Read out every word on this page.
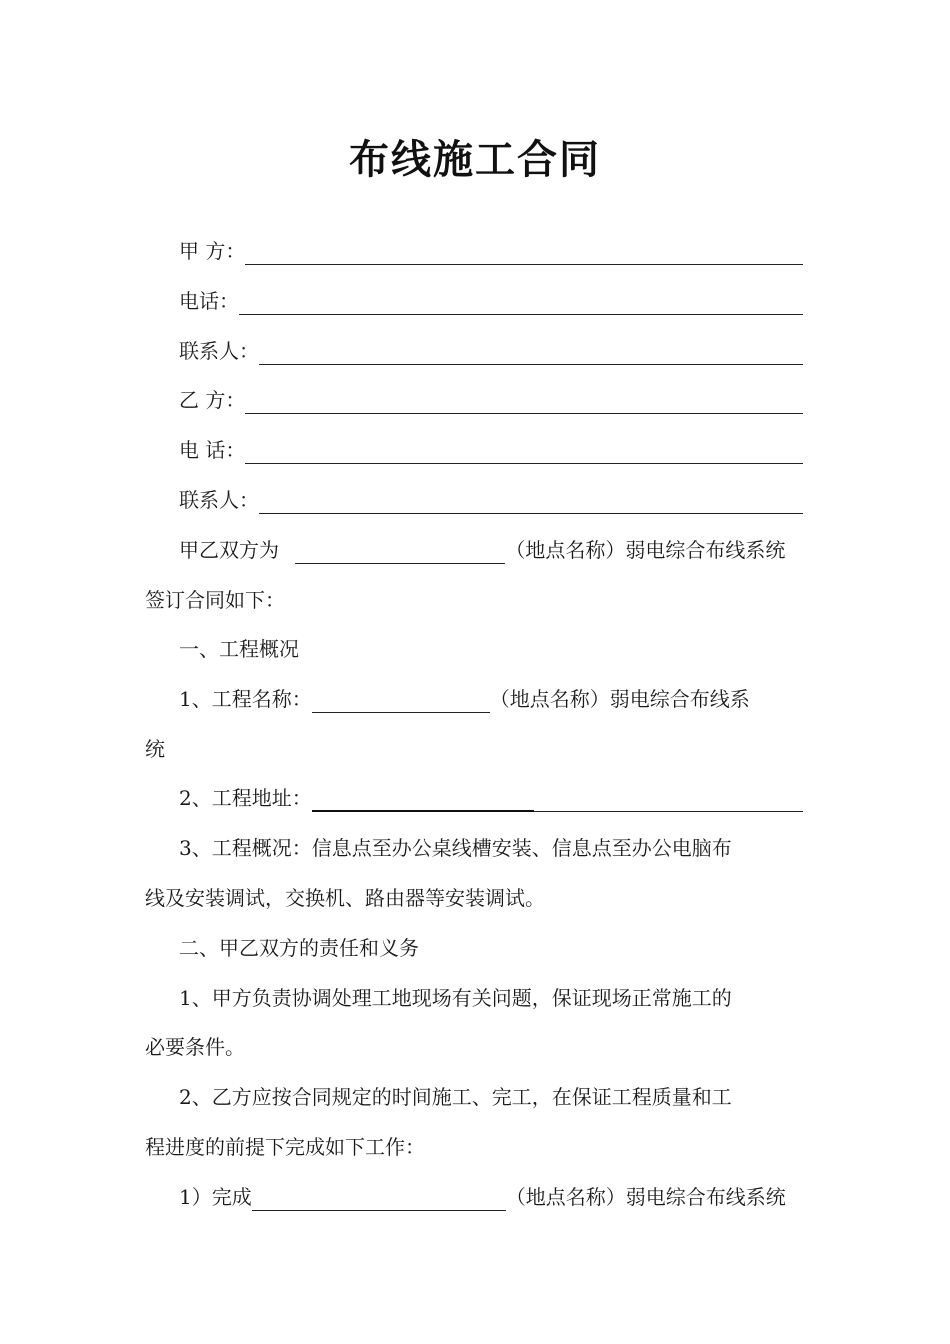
布线施工合同
甲 方：
电话：
联系人：
乙 方：
电 话：
联系人：
甲乙双方为	（地点名称）弱电综合布线系统
签订合同如下：
一、工程概况
1、工程名称：	（地点名称）弱电综合布线系
统
2、工程地址：
3、工程概况：信息点至办公桌线槽安装、信息点至办公电脑布
线及安装调试，交换机、路由器等安装调试。
二、甲乙双方的责任和义务
1、甲方负责协调处理工地现场有关问题，保证现场正常施工的
必要条件。
2、乙方应按合同规定的时间施工、完工，在保证工程质量和工
程进度的前提下完成如下工作：
1）完成	（地点名称）弱电综合布线系统
